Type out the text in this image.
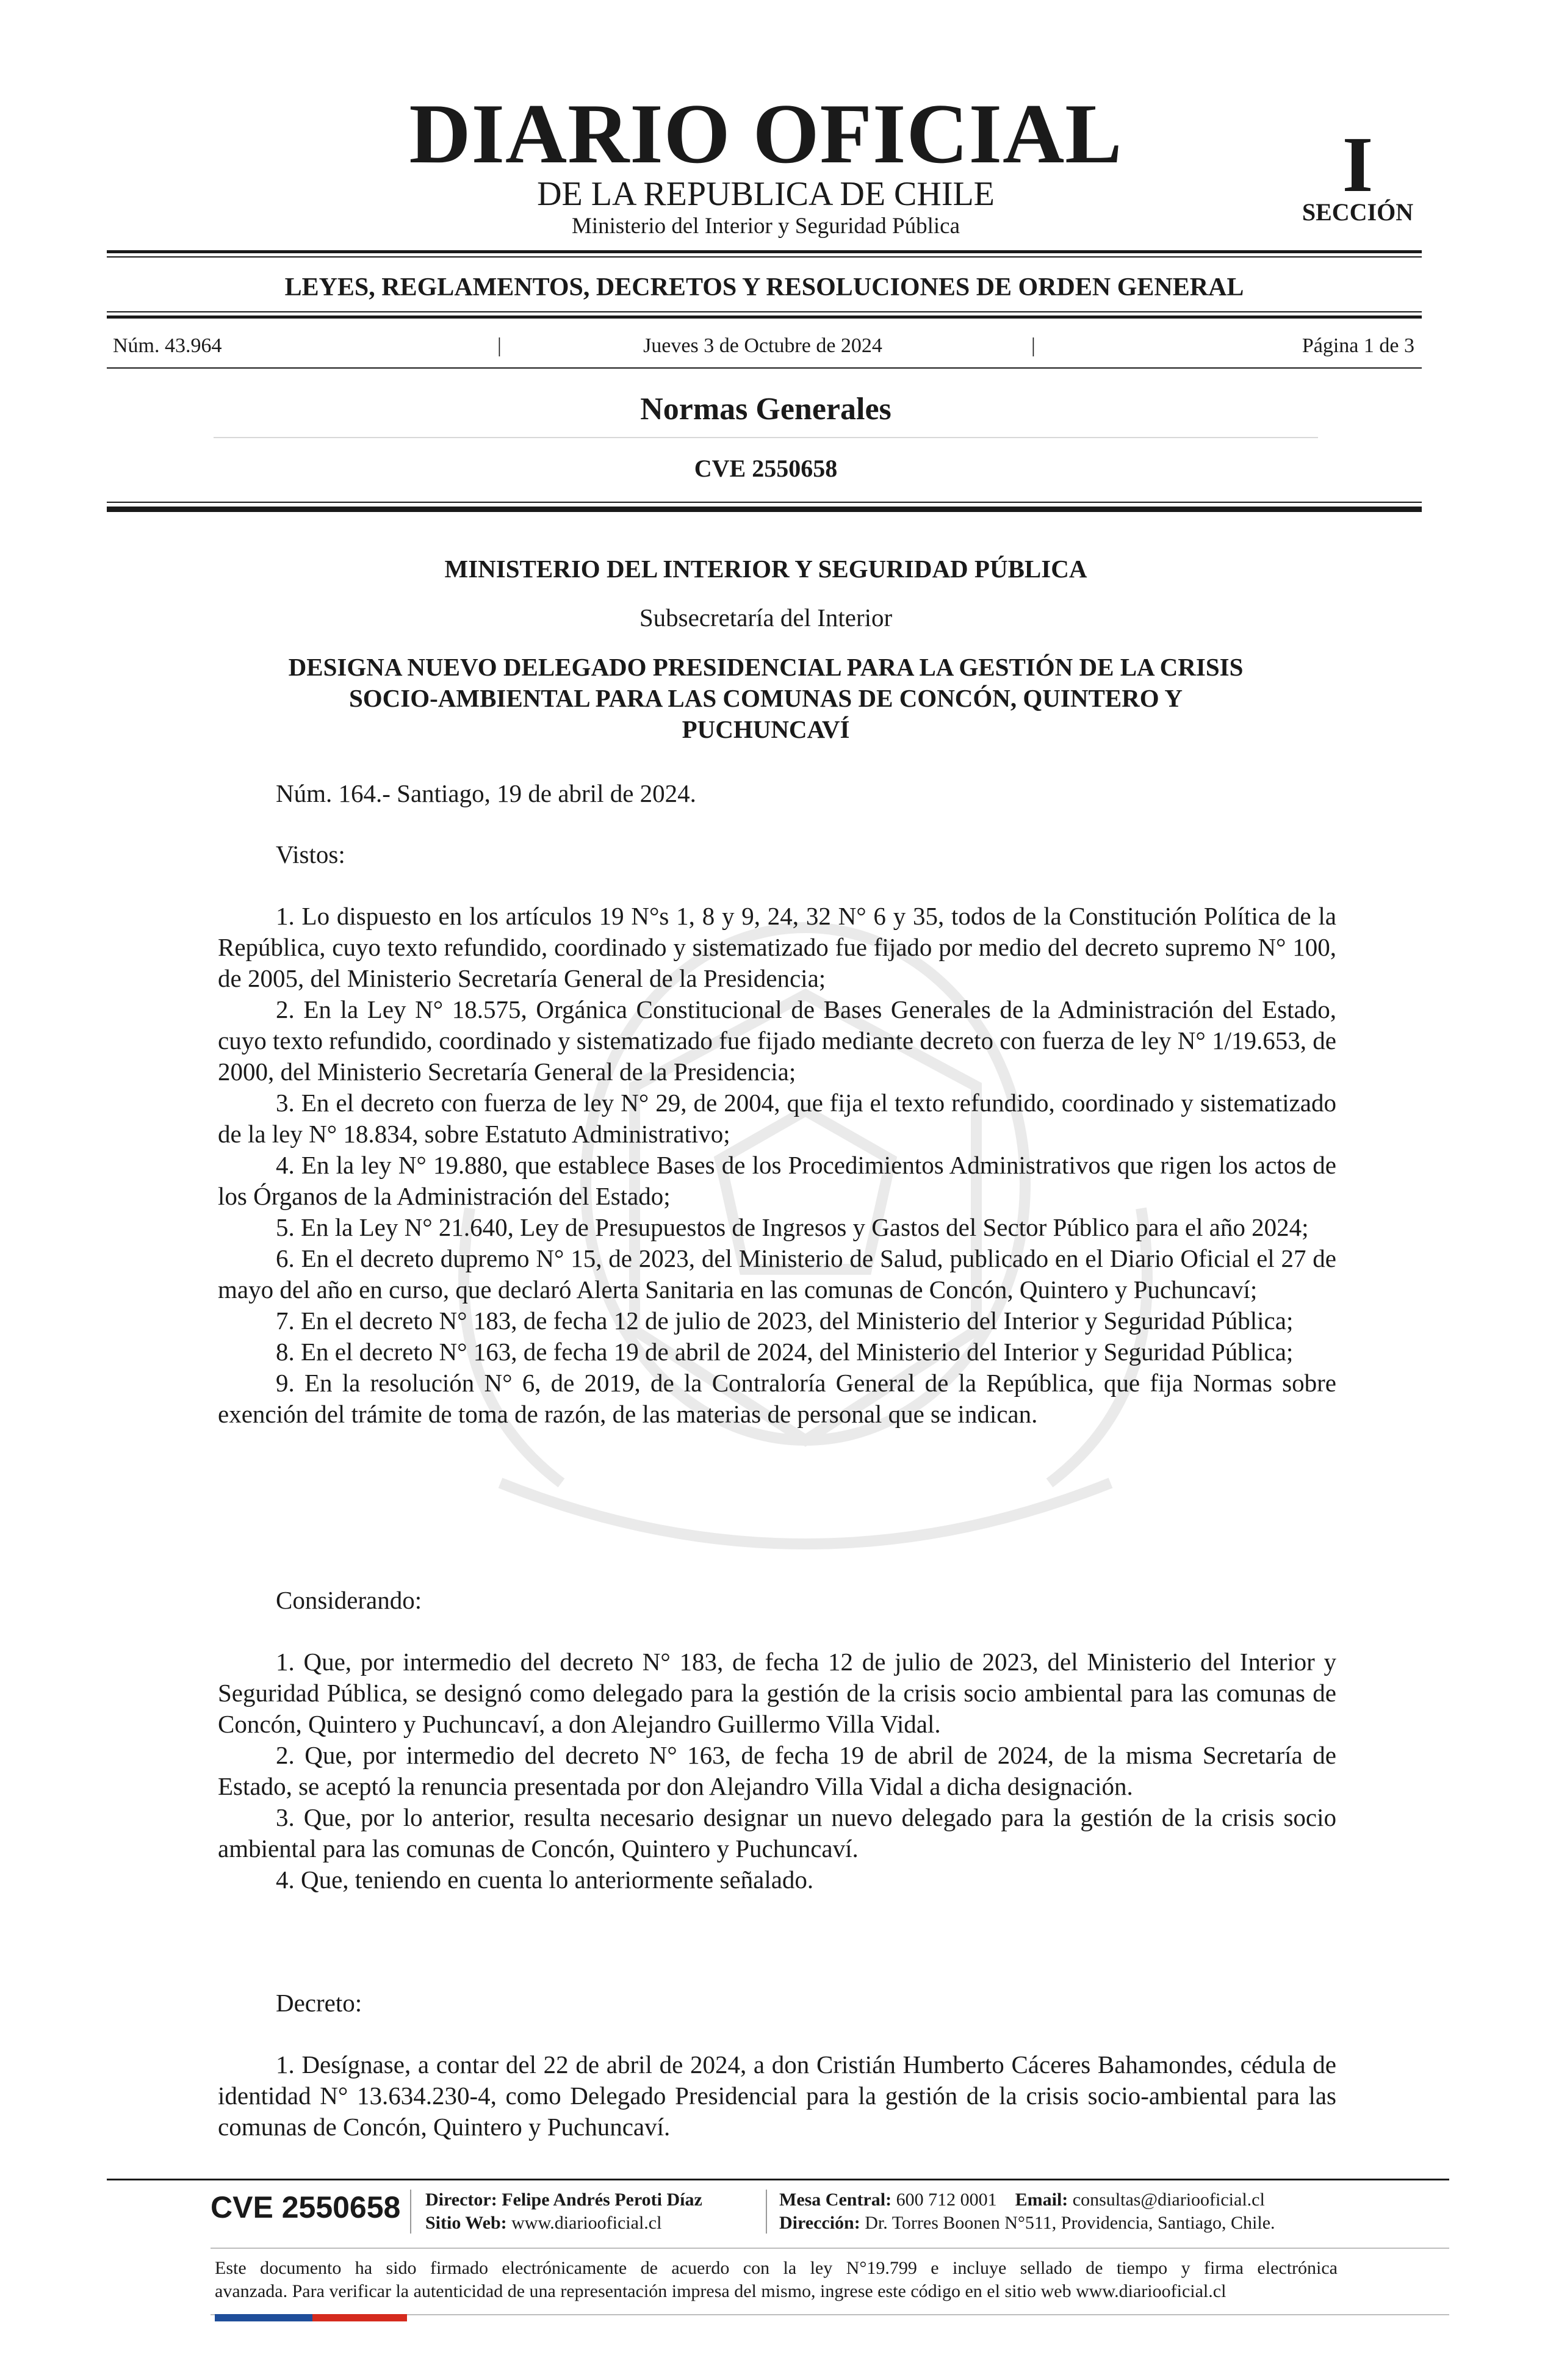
DIARIO OFICIAL
DE LA REPUBLICA DE CHILE
Ministerio del Interior y Seguridad Pública
I
SECCIÓN
LEYES, REGLAMENTOS, DECRETOS Y RESOLUCIONES DE ORDEN GENERAL
Núm. 43.964	|	Jueves 3 de Octubre de 2024	|	Página 1 de 3
Normas Generales
CVE 2550658
MINISTERIO DEL INTERIOR Y SEGURIDAD PÚBLICA
Subsecretaría del Interior
DESIGNA NUEVO DELEGADO PRESIDENCIAL PARA LA GESTIÓN DE LA CRISIS
SOCIO-AMBIENTAL PARA LAS COMUNAS DE CONCÓN, QUINTERO Y
PUCHUNCAVÍ
Núm. 164.- Santiago, 19 de abril de 2024.
Vistos:

1. Lo dispuesto en los artículos 19 N°s 1, 8 y 9, 24, 32 N° 6 y 35, todos de la Constitución Política de la República, cuyo texto refundido, coordinado y sistematizado fue fijado por medio del decreto supremo N° 100, de 2005, del Ministerio Secretaría General de la Presidencia;

2. En la Ley N° 18.575, Orgánica Constitucional de Bases Generales de la Administración del Estado, cuyo texto refundido, coordinado y sistematizado fue fijado mediante decreto con fuerza de ley N° 1/19.653, de 2000, del Ministerio Secretaría General de la Presidencia;

3. En el decreto con fuerza de ley N° 29, de 2004, que fija el texto refundido, coordinado y sistematizado de la ley N° 18.834, sobre Estatuto Administrativo;

4. En la ley N° 19.880, que establece Bases de los Procedimientos Administrativos que rigen los actos de los Órganos de la Administración del Estado;

5. En la Ley N° 21.640, Ley de Presupuestos de Ingresos y Gastos del Sector Público para el año 2024;

6. En el decreto dupremo N° 15, de 2023, del Ministerio de Salud, publicado en el Diario Oficial el 27 de mayo del año en curso, que declaró Alerta Sanitaria en las comunas de Concón, Quintero y Puchuncaví;

7. En el decreto N° 183, de fecha 12 de julio de 2023, del Ministerio del Interior y Seguridad Pública;

8. En el decreto N° 163, de fecha 19 de abril de 2024, del Ministerio del Interior y Seguridad Pública;

9. En la resolución N° 6, de 2019, de la Contraloría General de la República, que fija Normas sobre exención del trámite de toma de razón, de las materias de personal que se indican.

Considerando:

1. Que, por intermedio del decreto N° 183, de fecha 12 de julio de 2023, del Ministerio del Interior y Seguridad Pública, se designó como delegado para la gestión de la crisis socio ambiental para las comunas de Concón, Quintero y Puchuncaví, a don Alejandro Guillermo Villa Vidal.

2. Que, por intermedio del decreto N° 163, de fecha 19 de abril de 2024, de la misma Secretaría de Estado, se aceptó la renuncia presentada por don Alejandro Villa Vidal a dicha designación.

3. Que, por lo anterior, resulta necesario designar un nuevo delegado para la gestión de la crisis socio ambiental para las comunas de Concón, Quintero y Puchuncaví.

4. Que, teniendo en cuenta lo anteriormente señalado.

Decreto:

1. Desígnase, a contar del 22 de abril de 2024, a don Cristián Humberto Cáceres Bahamondes, cédula de identidad N° 13.634.230-4, como Delegado Presidencial para la gestión de la crisis socio-ambiental para las comunas de Concón, Quintero y Puchuncaví.

CVE 2550658 Director: Felipe Andrés Peroti Díaz
Sitio Web: www.diariooficial.cl
Mesa Central: 600 712 0001 Email: consultas@diariooficial.cl
Dirección: Dr. Torres Boonen N°511, Providencia, Santiago, Chile.
Este documento ha sido firmado electrónicamente de acuerdo con la ley N°19.799 e incluye sellado de tiempo y firma electrónica
avanzada. Para verificar la autenticidad de una representación impresa del mismo, ingrese este código en el sitio web www.diariooficial.cl
